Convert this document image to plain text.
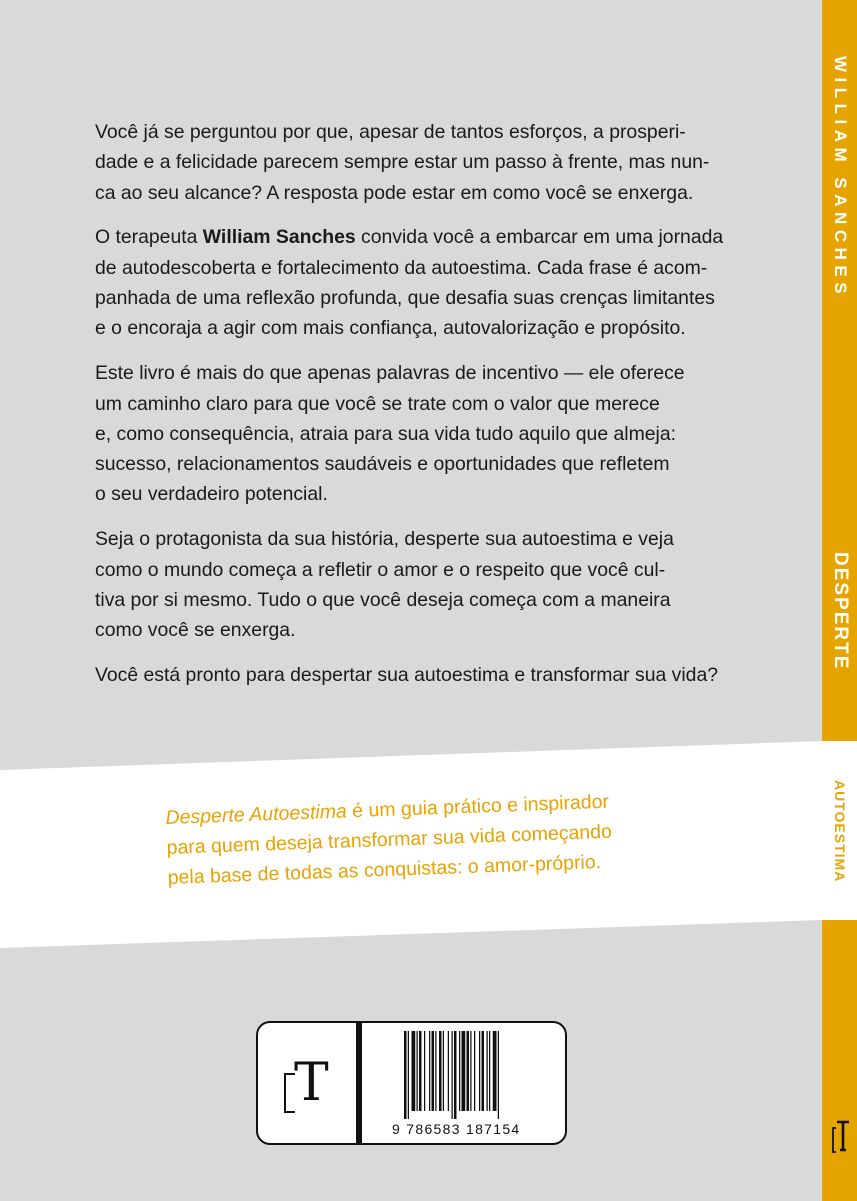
Você já se perguntou por que, apesar de tantos esforços, a prosperi-
dade e a felicidade parecem sempre estar um passo à frente, mas nun-
ca ao seu alcance? A resposta pode estar em como você se enxerga.

O terapeuta William Sanches convida você a embarcar em uma jornada
de autodescoberta e fortalecimento da autoestima. Cada frase é acom-
panhada de uma reflexão profunda, que desafia suas crenças limitantes
e o encoraja a agir com mais confiança, autovalorização e propósito.

Este livro é mais do que apenas palavras de incentivo — ele oferece
um caminho claro para que você se trate com o valor que merece
e, como consequência, atraia para sua vida tudo aquilo que almeja:
sucesso, relacionamentos saudáveis e oportunidades que refletem
o seu verdadeiro potencial.

Seja o protagonista da sua história, desperte sua autoestima e veja
como o mundo começa a refletir o amor e o respeito que você cul-
tiva por si mesmo. Tudo o que você deseja começa com a maneira
como você se enxerga.

Você está pronto para despertar sua autoestima e transformar sua vida?

Desperte Autoestima é um guia prático e inspirador
para quem deseja transformar sua vida começando
pela base de todas as conquistas: o amor-próprio.
T
9 786583 187154
WILLIAM SANCHES
DESPERTE
AUTOESTIMA
